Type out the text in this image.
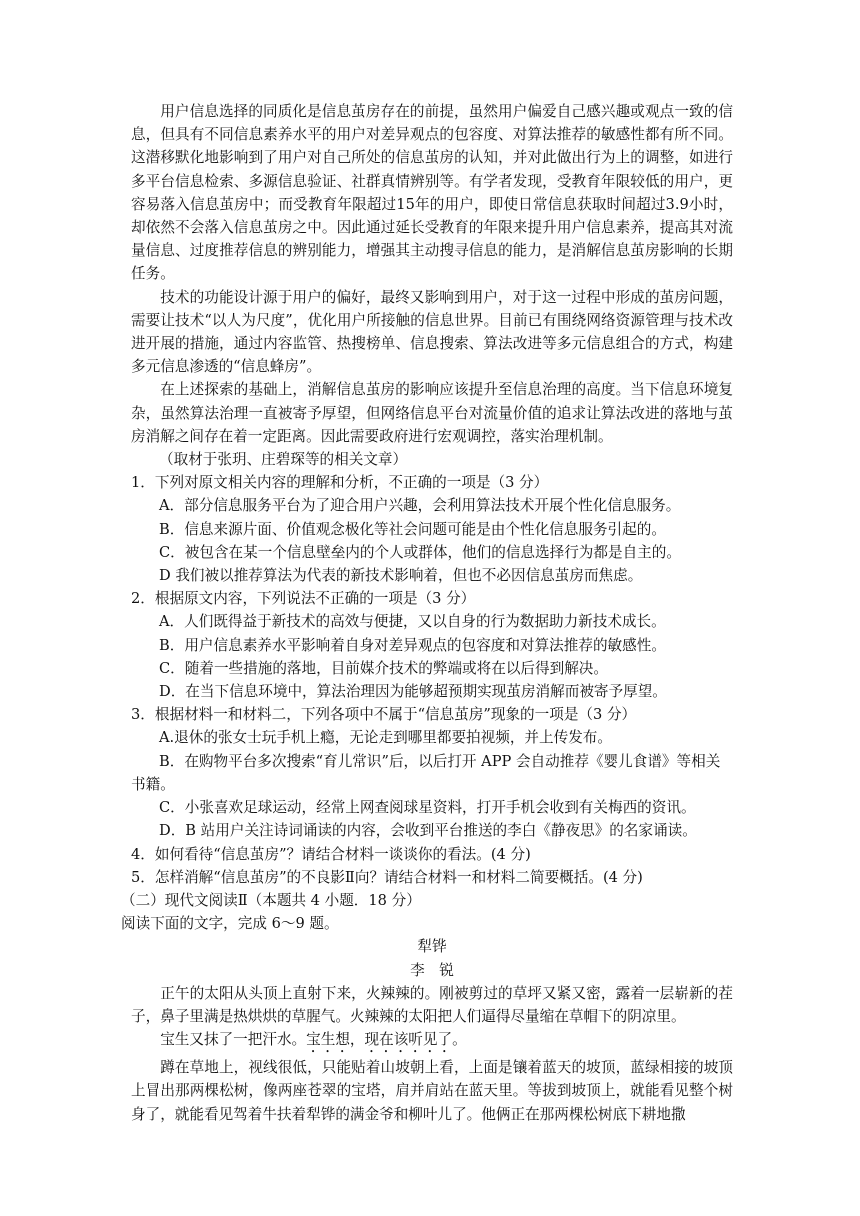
用户信息选择的同质化是信息茧房存在的前提，虽然用户偏爱自己感兴趣或观点一致的信息，但具有不同信息素养水平的用户对差异观点的包容度、对算法推荐的敏感性都有所不同。这潜移默化地影响到了用户对自己所处的信息茧房的认知，并对此做出行为上的调整，如进行多平台信息检索、多源信息验证、社群真情辨别等。有学者发现，受教育年限较低的用户，更容易落入信息茧房中；而受教育年限超过15年的用户，即使日常信息获取时间超过3.9小时，却依然不会落入信息茧房之中。因此通过延长受教育的年限来提升用户信息素养，提高其对流量信息、过度推荐信息的辨别能力，增强其主动搜寻信息的能力，是消解信息茧房影响的长期任务。

技术的功能设计源于用户的偏好，最终又影响到用户，对于这一过程中形成的茧房问题，需要让技术“以人为尺度”，优化用户所接触的信息世界。目前已有围绕网络资源管理与技术改进开展的措施，通过内容监管、热搜榜单、信息搜索、算法改进等多元信息组合的方式，构建多元信息渗透的“信息蜂房”。

在上述探索的基础上，消解信息茧房的影响应该提升至信息治理的高度。当下信息环境复杂，虽然算法治理一直被寄予厚望，但网络信息平台对流量价值的追求让算法改进的落地与茧房消解之间存在着一定距离。因此需要政府进行宏观调控，落实治理机制。

（取材于张玥、庄碧琛等的相关文章）

1．下列对原文相关内容的理解和分析，不正确的一项是（3 分）

A．部分信息服务平台为了迎合用户兴趣，会利用算法技术开展个性化信息服务。

B．信息来源片面、价值观念极化等社会问题可能是由个性化信息服务引起的。

C．被包含在某一个信息壁垒内的个人或群体，他们的信息选择行为都是自主的。

D 我们被以推荐算法为代表的新技术影响着，但也不必因信息茧房而焦虑。

2．根据原文内容，下列说法不正确的一项是（3 分）

A．人们既得益于新技术的高效与便捷，又以自身的行为数据助力新技术成长。

B．用户信息素养水平影响着自身对差异观点的包容度和对算法推荐的敏感性。

C．随着一些措施的落地，目前媒介技术的弊端或将在以后得到解决。

D．在当下信息环境中，算法治理因为能够超预期实现茧房消解而被寄予厚望。

3．根据材料一和材料二，下列各项中不属于“信息茧房”现象的一项是（3 分）

A.退休的张女士玩手机上瘾，无论走到哪里都要拍视频，并上传发布。

B．在购物平台多次搜索“育儿常识”后，以后打开 APP 会自动推荐《婴儿食谱》等相关

书籍。

C．小张喜欢足球运动，经常上网查阅球星资料，打开手机会收到有关梅西的资讯。

D．B 站用户关注诗词诵读的内容，会收到平台推送的李白《静夜思》的名家诵读。

4．如何看待“信息茧房”？请结合材料一谈谈你的看法。(4 分)

5．怎样消解“信息茧房”的不良影Ⅱ向？请结合材料一和材料二简要概括。(4 分)

（二）现代文阅读Ⅱ（本题共 4 小题．18 分）

阅读下面的文字，完成 6～9 题。

犁铧

李　锐

正午的太阳从头顶上直射下来，火辣辣的。刚被剪过的草坪又紧又密，露着一层崭新的茬子，鼻子里满是热烘烘的草腥气。火辣辣的太阳把人们逼得尽量缩在草帽下的阴凉里。

宝生又抹了一把汗水。宝生想，现在该听见了。

蹲在草地上，视线很低，只能贴着山坡朝上看，上面是镶着蓝天的坡顶，蓝绿相接的坡顶上冒出那两棵松树，像两座苍翠的宝塔，肩并肩站在蓝天里。等拔到坡顶上，就能看见整个树身了，就能看见驾着牛扶着犁铧的满金爷和柳叶儿了。他俩正在那两棵松树底下耕地撒
